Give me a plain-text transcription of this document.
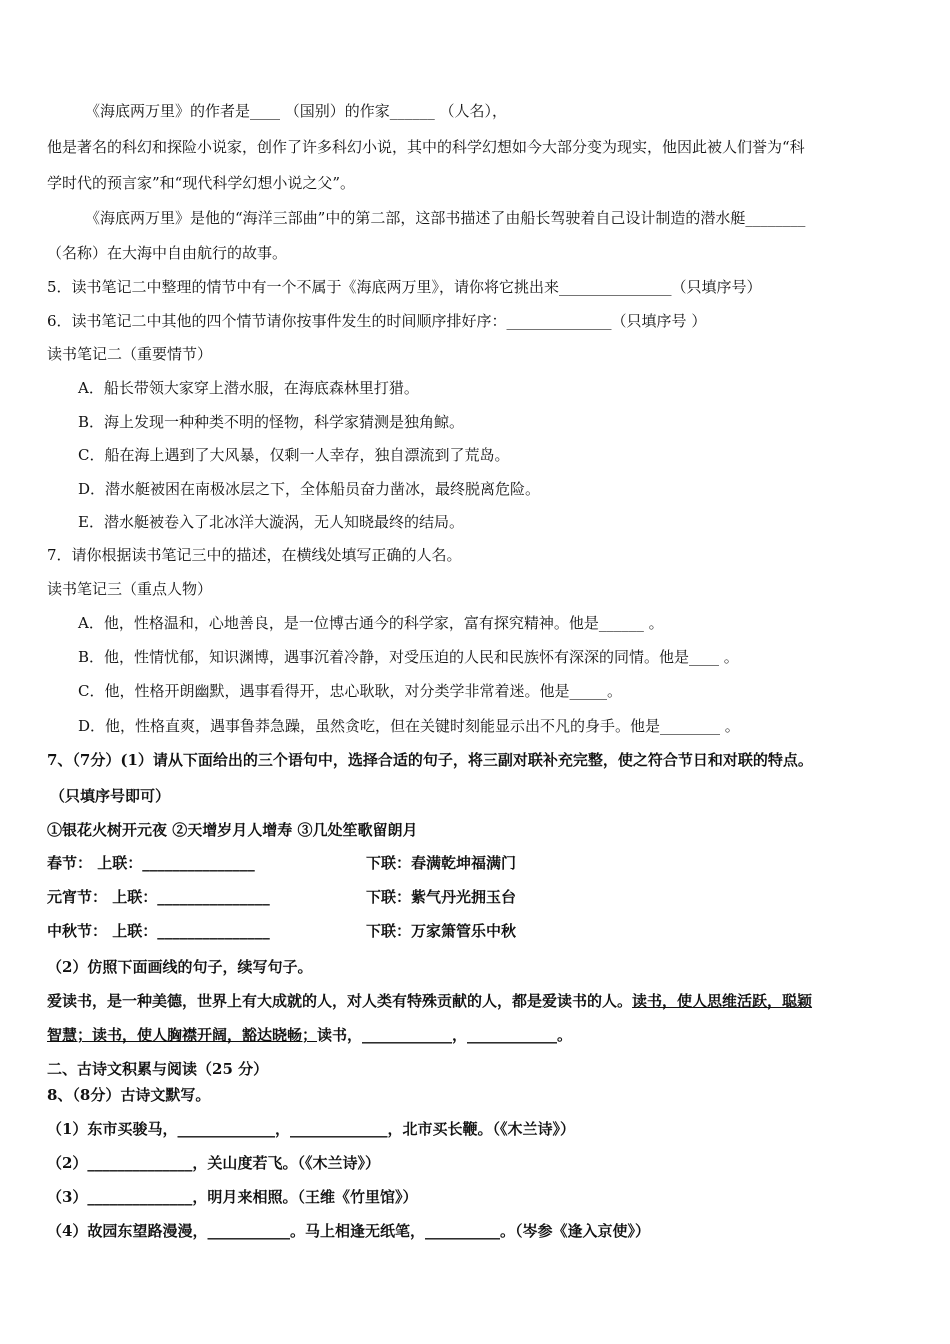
《海底两万里》的作者是____ （国别）的作家______ （人名），
他是著名的科幻和探险小说家，创作了许多科幻小说，其中的科学幻想如今大部分变为现实，他因此被人们誉为“科
学时代的预言家”和“现代科学幻想小说之父”。
《海底两万里》是他的“海洋三部曲”中的第二部，这部书描述了由船长驾驶着自己设计制造的潜水艇________
（名称）在大海中自由航行的故事。
5．读书笔记二中整理的情节中有一个不属于《海底两万里》，请你将它挑出来_______________（只填序号）
6．读书笔记二中其他的四个情节请你按事件发生的时间顺序排好序：______________（只填序号 ）
读书笔记二（重要情节）
A．船长带领大家穿上潜水服，在海底森林里打猎。
B．海上发现一种种类不明的怪物，科学家猜测是独角鲸。
C．船在海上遇到了大风暴，仅剩一人幸存，独自漂流到了荒岛。
D．潜水艇被困在南极冰层之下，全体船员奋力凿冰，最终脱离危险。
E．潜水艇被卷入了北冰洋大漩涡，无人知晓最终的结局。
7．请你根据读书笔记三中的描述，在横线处填写正确的人名。
读书笔记三（重点人物）
A．他，性格温和，心地善良，是一位博古通今的科学家，富有探究精神。他是______ 。
B．他，性情忧郁，知识渊博，遇事沉着冷静，对受压迫的人民和民族怀有深深的同情。他是____ 。
C．他，性格开朗幽默，遇事看得开，忠心耿耿，对分类学非常着迷。他是_____。
D．他，性格直爽，遇事鲁莽急躁，虽然贪吃，但在关键时刻能显示出不凡的身手。他是________ 。
7、（7分）(1）请从下面给出的三个语句中，选择合适的句子，将三副对联补充完整，使之符合节日和对联的特点。
（只填序号即可）
①银花火树开元夜 ②天增岁月人增寿 ③几处笙歌留朗月
春节： 上联：_______________	下联：春满乾坤福满门
元宵节： 上联：_______________	下联：紫气丹光拥玉台
中秋节： 上联：_______________	下联：万家箫管乐中秋
（2）仿照下面画线的句子，续写句子。
爱读书，是一种美德，世界上有大成就的人，对人类有特殊贡献的人，都是爱读书的人。读书，使人思维活跃，聪颖
智慧；读书，使人胸襟开阔，豁达晓畅；读书，____________，____________。
二、古诗文积累与阅读（25 分）
8、（8分）古诗文默写。
（1）东市买骏马，_____________，_____________，北市买长鞭。（《木兰诗》）
（2）______________，关山度若飞。（《木兰诗》）
（3）______________，明月来相照。（王维《竹里馆》）
（4）故园东望路漫漫，___________。马上相逢无纸笔，__________。（岑参《逢入京使》）
